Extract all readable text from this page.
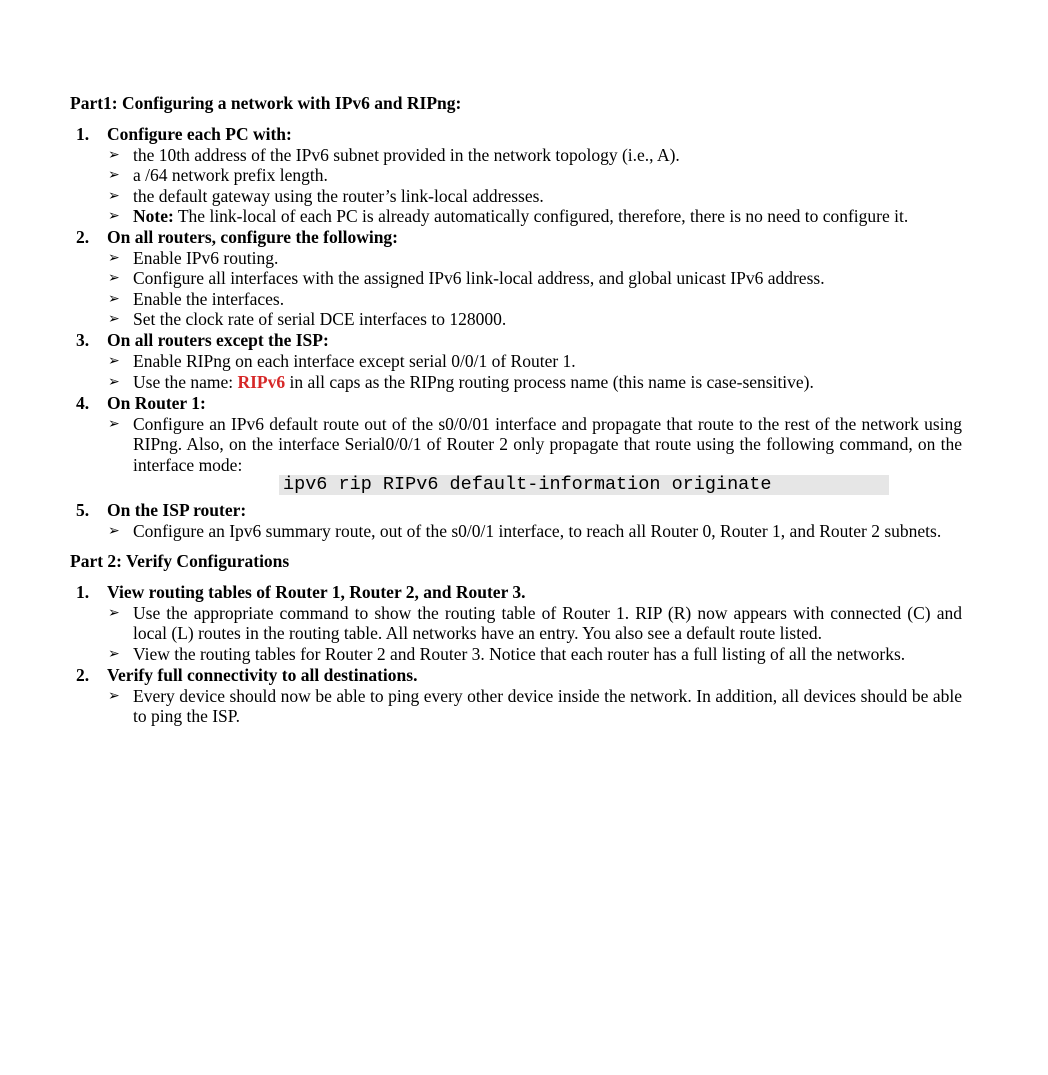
Part1: Configuring a network with IPv6 and RIPng:
1. Configure each PC with:
➢ the 10th address of the IPv6 subnet provided in the network topology (i.e., A).
➢ a /64 network prefix length.
➢ the default gateway using the router’s link-local addresses.
➢ Note: The link-local of each PC is already automatically configured, therefore, there is no need to configure it.
2. On all routers, configure the following:
➢ Enable IPv6 routing.
➢ Configure all interfaces with the assigned IPv6 link-local address, and global unicast IPv6 address.
➢ Enable the interfaces.
➢ Set the clock rate of serial DCE interfaces to 128000.
3. On all routers except the ISP:
➢ Enable RIPng on each interface except serial 0/0/1 of Router 1.
➢ Use the name: RIPv6 in all caps as the RIPng routing process name (this name is case-sensitive).
4. On Router 1:
➢ Configure an IPv6 default route out of the s0/0/01 interface and propagate that route to the rest of the network using RIPng. Also, on the interface Serial0/0/1 of Router 2 only propagate that route using the following command, on the interface mode:
ipv6 rip RIPv6 default-information originate
5. On the ISP router:
➢ Configure an Ipv6 summary route, out of the s0/0/1 interface, to reach all Router 0, Router 1, and Router 2 subnets.
Part 2: Verify Configurations
1. View routing tables of Router 1, Router 2, and Router 3.
➢ Use the appropriate command to show the routing table of Router 1. RIP (R) now appears with connected (C) and local (L) routes in the routing table. All networks have an entry. You also see a default route listed.
➢ View the routing tables for Router 2 and Router 3. Notice that each router has a full listing of all the networks.
2. Verify full connectivity to all destinations.
➢ Every device should now be able to ping every other device inside the network. In addition, all devices should be able to ping the ISP.
